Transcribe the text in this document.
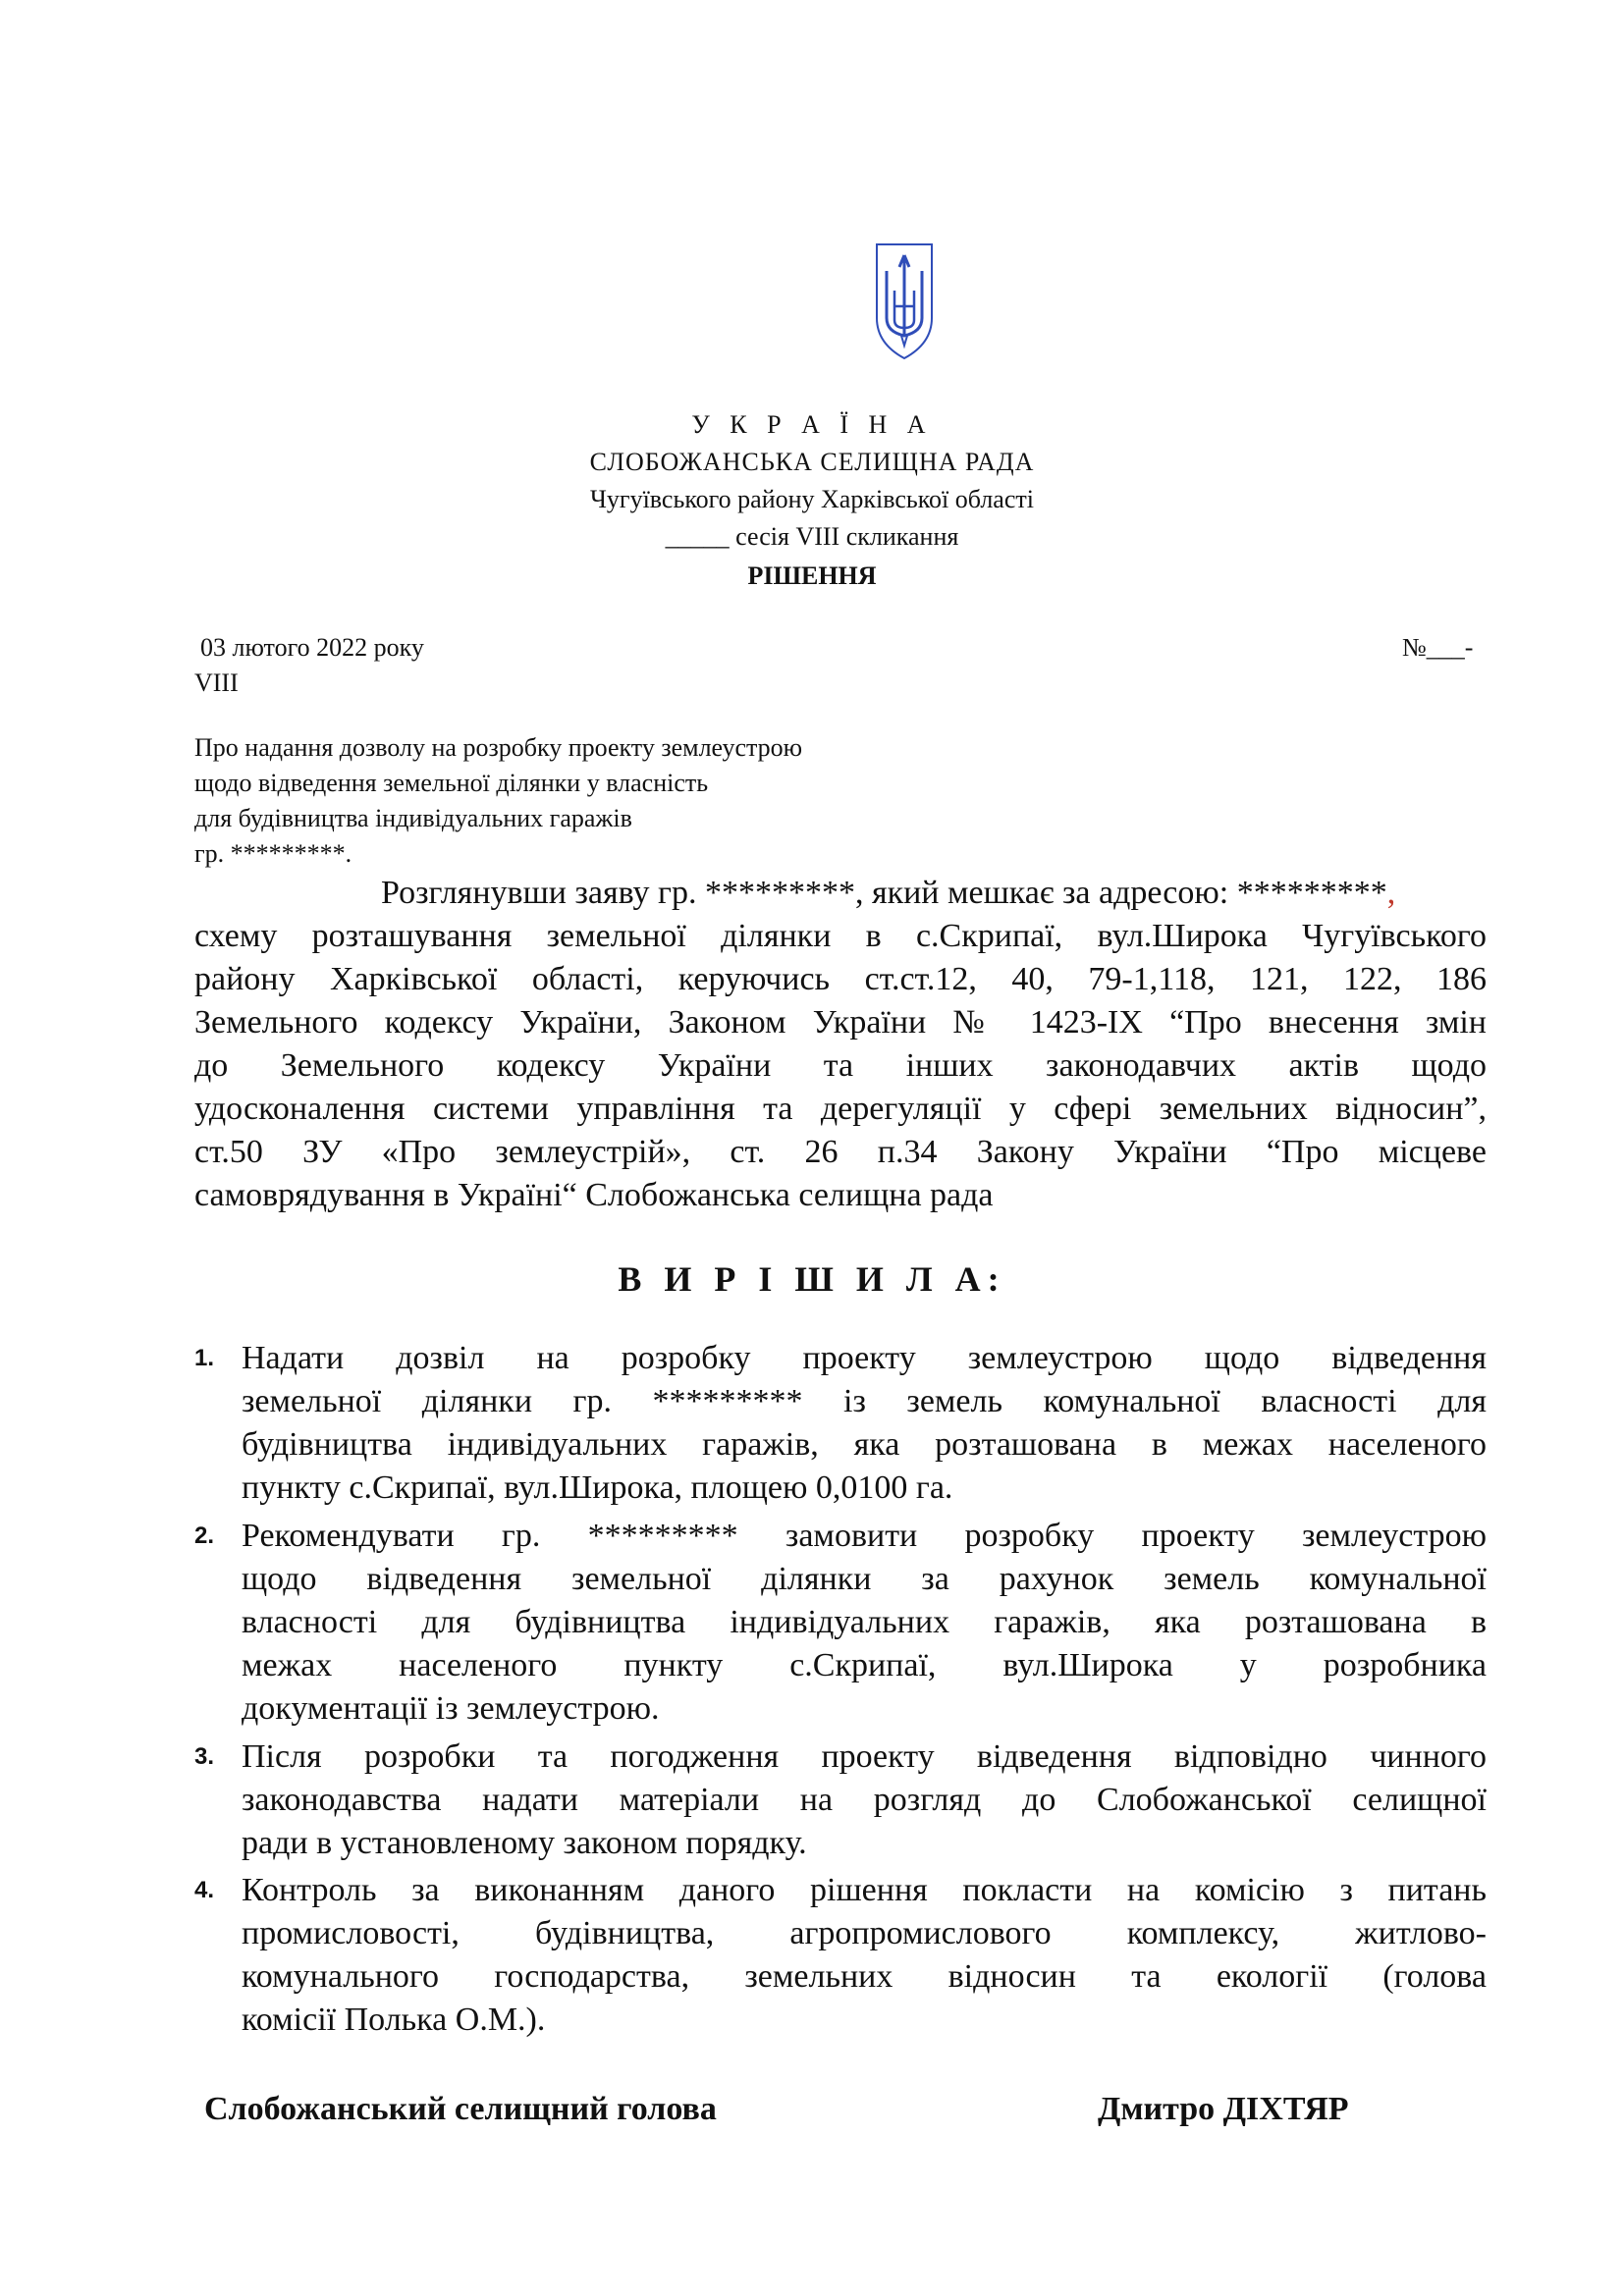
У К Р А Ї Н А
СЛОБОЖАНСЬКА СЕЛИЩНА РАДА
Чугуївського району Харківської області
_____ сесія VIII скликання
РІШЕННЯ
03 лютого 2022 року	№___-
VIII
Про надання дозволу на розробку проекту землеустрою
щодо відведення земельної ділянки у власність
для будівництва індивідуальних гаражів
гр. *********.
Розглянувши заяву гр. *********, який мешкає за адресою: *********,
схему розташування земельної ділянки в с.Скрипаї, вул.Широка Чугуївського
району Харківської області, керуючись ст.ст.12, 40, 79-1,118, 121, 122, 186
Земельного кодексу України, Законом України № 1423-ІХ “Про внесення змін
до Земельного кодексу України та інших законодавчих актів щодо
удосконалення системи управління та дерегуляції у сфері земельних відносин”,
ст.50 ЗУ «Про землеустрій», ст. 26 п.34 Закону України “Про місцеве
самоврядування в Україні“ Слобожанська селищна рада
В И Р І Ш И Л А:
1. Надати дозвіл на розробку проекту землеустрою щодо відведення
земельної ділянки гр. ********* із земель комунальної власності для
будівництва індивідуальних гаражів, яка розташована в межах населеного
пункту с.Скрипаї, вул.Широка, площею 0,0100 га.
2. Рекомендувати гр. ********* замовити розробку проекту землеустрою
щодо відведення земельної ділянки за рахунок земель комунальної
власності для будівництва індивідуальних гаражів, яка розташована в
межах населеного пункту с.Скрипаї, вул.Широка у розробника
документації із землеустрою.
3. Після розробки та погодження проекту відведення відповідно чинного
законодавства надати матеріали на розгляд до Слобожанської селищної
ради в установленому законом порядку.
4. Контроль за виконанням даного рішення покласти на комісію з питань
промисловості, будівництва, агропромислового комплексу, житлово-
комунального господарства, земельних відносин та екології (голова
комісії Полька О.М.).
Слобожанський селищний голова	Дмитро ДІХТЯР
